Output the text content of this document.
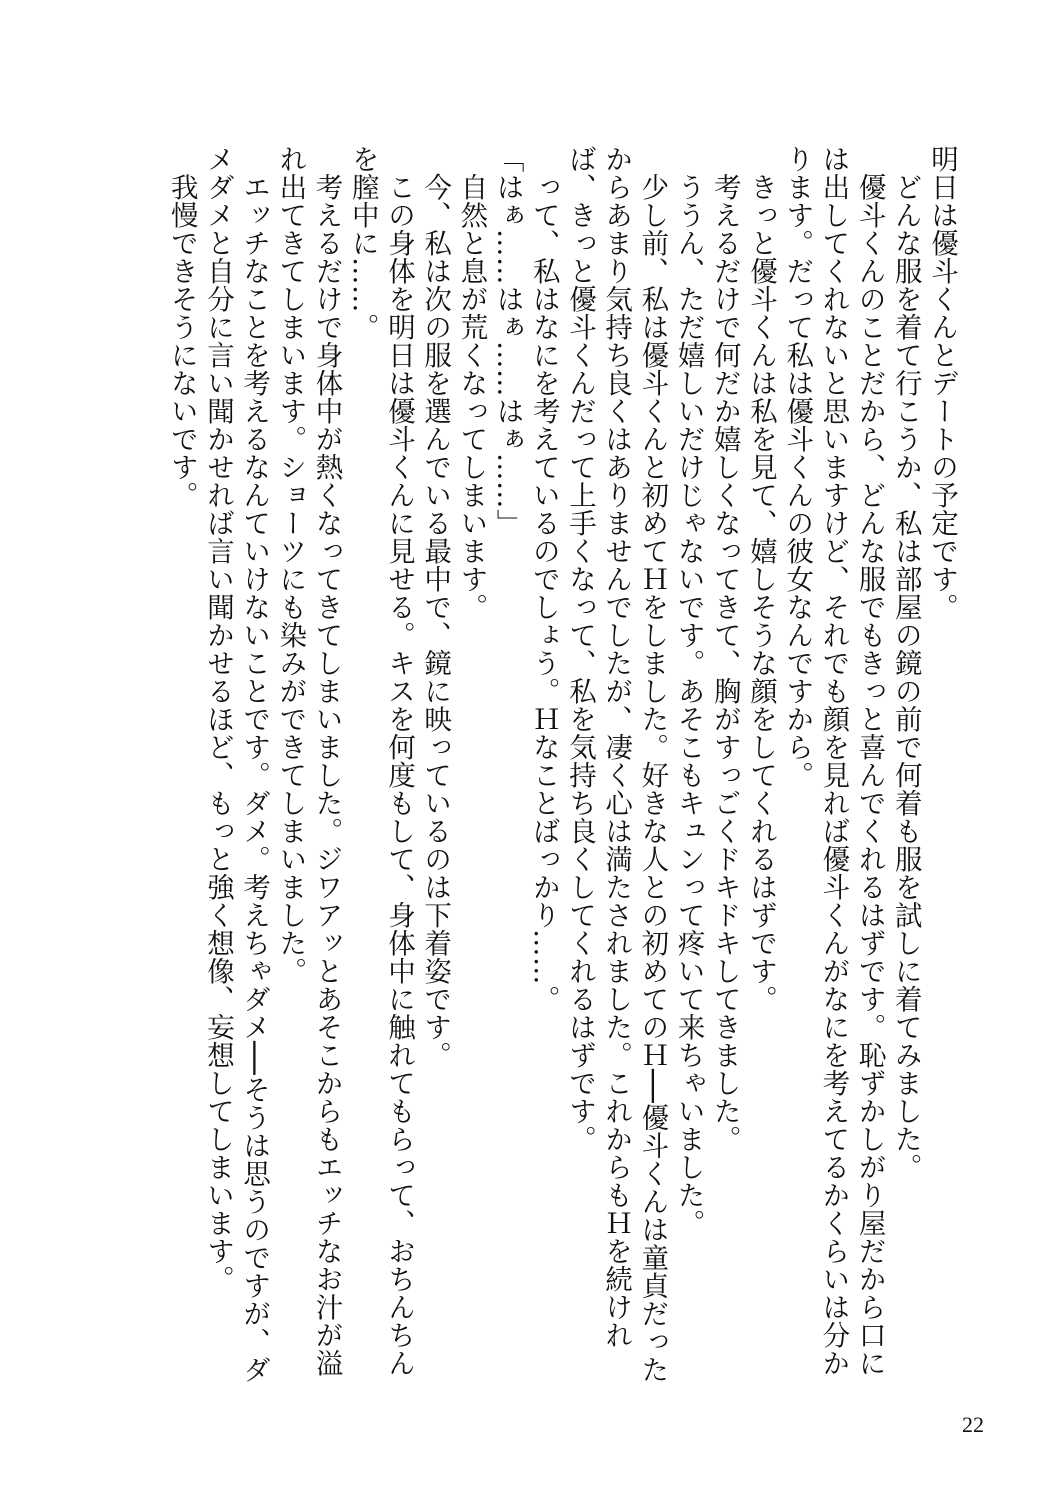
明日は優斗くんとデートの予定です。

　どんな服を着て行こうか、私は部屋の鏡の前で何着も服を試しに着てみました。

　優斗くんのことだから、どんな服でもきっと喜んでくれるはずです。恥ずかしがり屋だから口には出してくれないと思いますけど、それでも顔を見れば優斗くんがなにを考えてるかくらいは分かります。だって私は優斗くんの彼女なんですから。

　きっと優斗くんは私を見て、嬉しそうな顔をしてくれるはずです。

　考えるだけで何だか嬉しくなってきて、胸がすっごくドキドキしてきました。

　ううん、ただ嬉しいだけじゃないです。あそこもキュンって疼いて来ちゃいました。

　少し前、私は優斗くんと初めてＨをしました。好きな人との初めてのＨ──優斗くんは童貞だったからあまり気持ち良くはありませんでしたが、凄く心は満たされました。これからもＨを続ければ、きっと優斗くんだって上手くなって、私を気持ち良くしてくれるはずです。

　って、私はなにを考えているのでしょう。Ｈなことばっかり……。

「はぁ……はぁ……はぁ……」

　自然と息が荒くなってしまいます。

　今、私は次の服を選んでいる最中で、鏡に映っているのは下着姿です。

　この身体を明日は優斗くんに見せる。キスを何度もして、身体中に触れてもらって、おちんちんを膣中に……。

　考えるだけで身体中が熱くなってきてしまいました。ジワアッとあそこからもエッチなお汁が溢れ出てきてしまいます。ショーツにも染みができてしまいました。

　エッチなことを考えるなんていけないことです。ダメ。考えちゃダメ──そうは思うのですが、ダメダメと自分に言い聞かせれば言い聞かせるほど、もっと強く想像、妄想してしまいます。

　我慢できそうにないです。

22
